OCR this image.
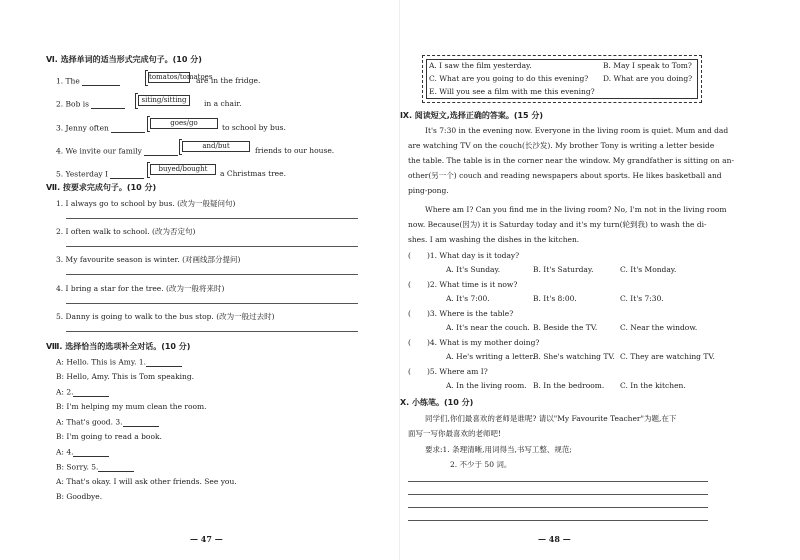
Ⅵ. 选择单词的适当形式完成句子。(10 分)
1. The	tomatos/tomatoes
are in the fridge.
2. Bob is	siting/sitting	in a chair.
3. Jenny often
goes/go	to school by bus.
4. We invite our family
and/but	friends to our house.
5. Yesterday I
buyed/bought	a Christmas tree.
Ⅶ. 按要求完成句子。(10 分)
1. I always go to school by bus. (改为一般疑问句)
2. I often walk to school. (改为否定句)
3. My favourite season is winter. (对画线部分提问)
4. I bring a star for the tree. (改为一般将来时)
5. Danny is going to walk to the bus stop. (改为一般过去时)
Ⅷ. 选择恰当的选项补全对话。(10 分)
A: Hello. This is Amy. 1.
B: Hello, Amy. This is Tom speaking.
A: 2.
B: I'm helping my mum clean the room.
A: That's good. 3.
B: I'm going to read a book.
A: 4.
B: Sorry. 5.
A: That's okay. I will ask other friends. See you.
B: Goodbye.
— 47 —
A. I saw the film yesterday.	B. May I speak to Tom?
C. What are you going to do this evening? D. What are you doing?
E. Will you see a film with me this evening?
Ⅸ. 阅读短文,选择正确的答案。(15 分)
It's 7:30 in the evening now. Everyone in the living room is quiet. Mum and dad
are watching TV on the couch(长沙发). My brother Tony is writing a letter beside
the table. The table is in the corner near the window. My grandfather is sitting on an-
other(另一个) couch and reading newspapers about sports. He likes basketball and
ping-pong.
Where am I? Can you find me in the living room? No, I'm not in the living room
now. Because(因为) it is Saturday today and it's my turn(轮到我) to wash the di-
shes. I am washing the dishes in the kitchen.
( )1. What day is it today?
A. It's Sunday.	B. It's Saturday.	C. It's Monday.
( )2. What time is it now?
A. It's 7:00.	B. It's 8:00.	C. It's 7:30.
( )3. Where is the table?
A. It's near the couch. B. Beside the TV.	C. Near the window.
( )4. What is my mother doing?
A. He's writing a letter.
B. She's watching TV. C. They are watching TV.
( )5. Where am I?
A. In the living room. B. In the bedroom. C. In the kitchen.
Ⅹ. 小练笔。(10 分)
同学们,你们最喜欢的老师是谁呢? 请以"My Favourite Teacher"为题,在下
面写一写你最喜欢的老师吧!
要求:1. 条理清晰,用词得当,书写工整、规范;
2. 不少于 50 词。
— 48 —
